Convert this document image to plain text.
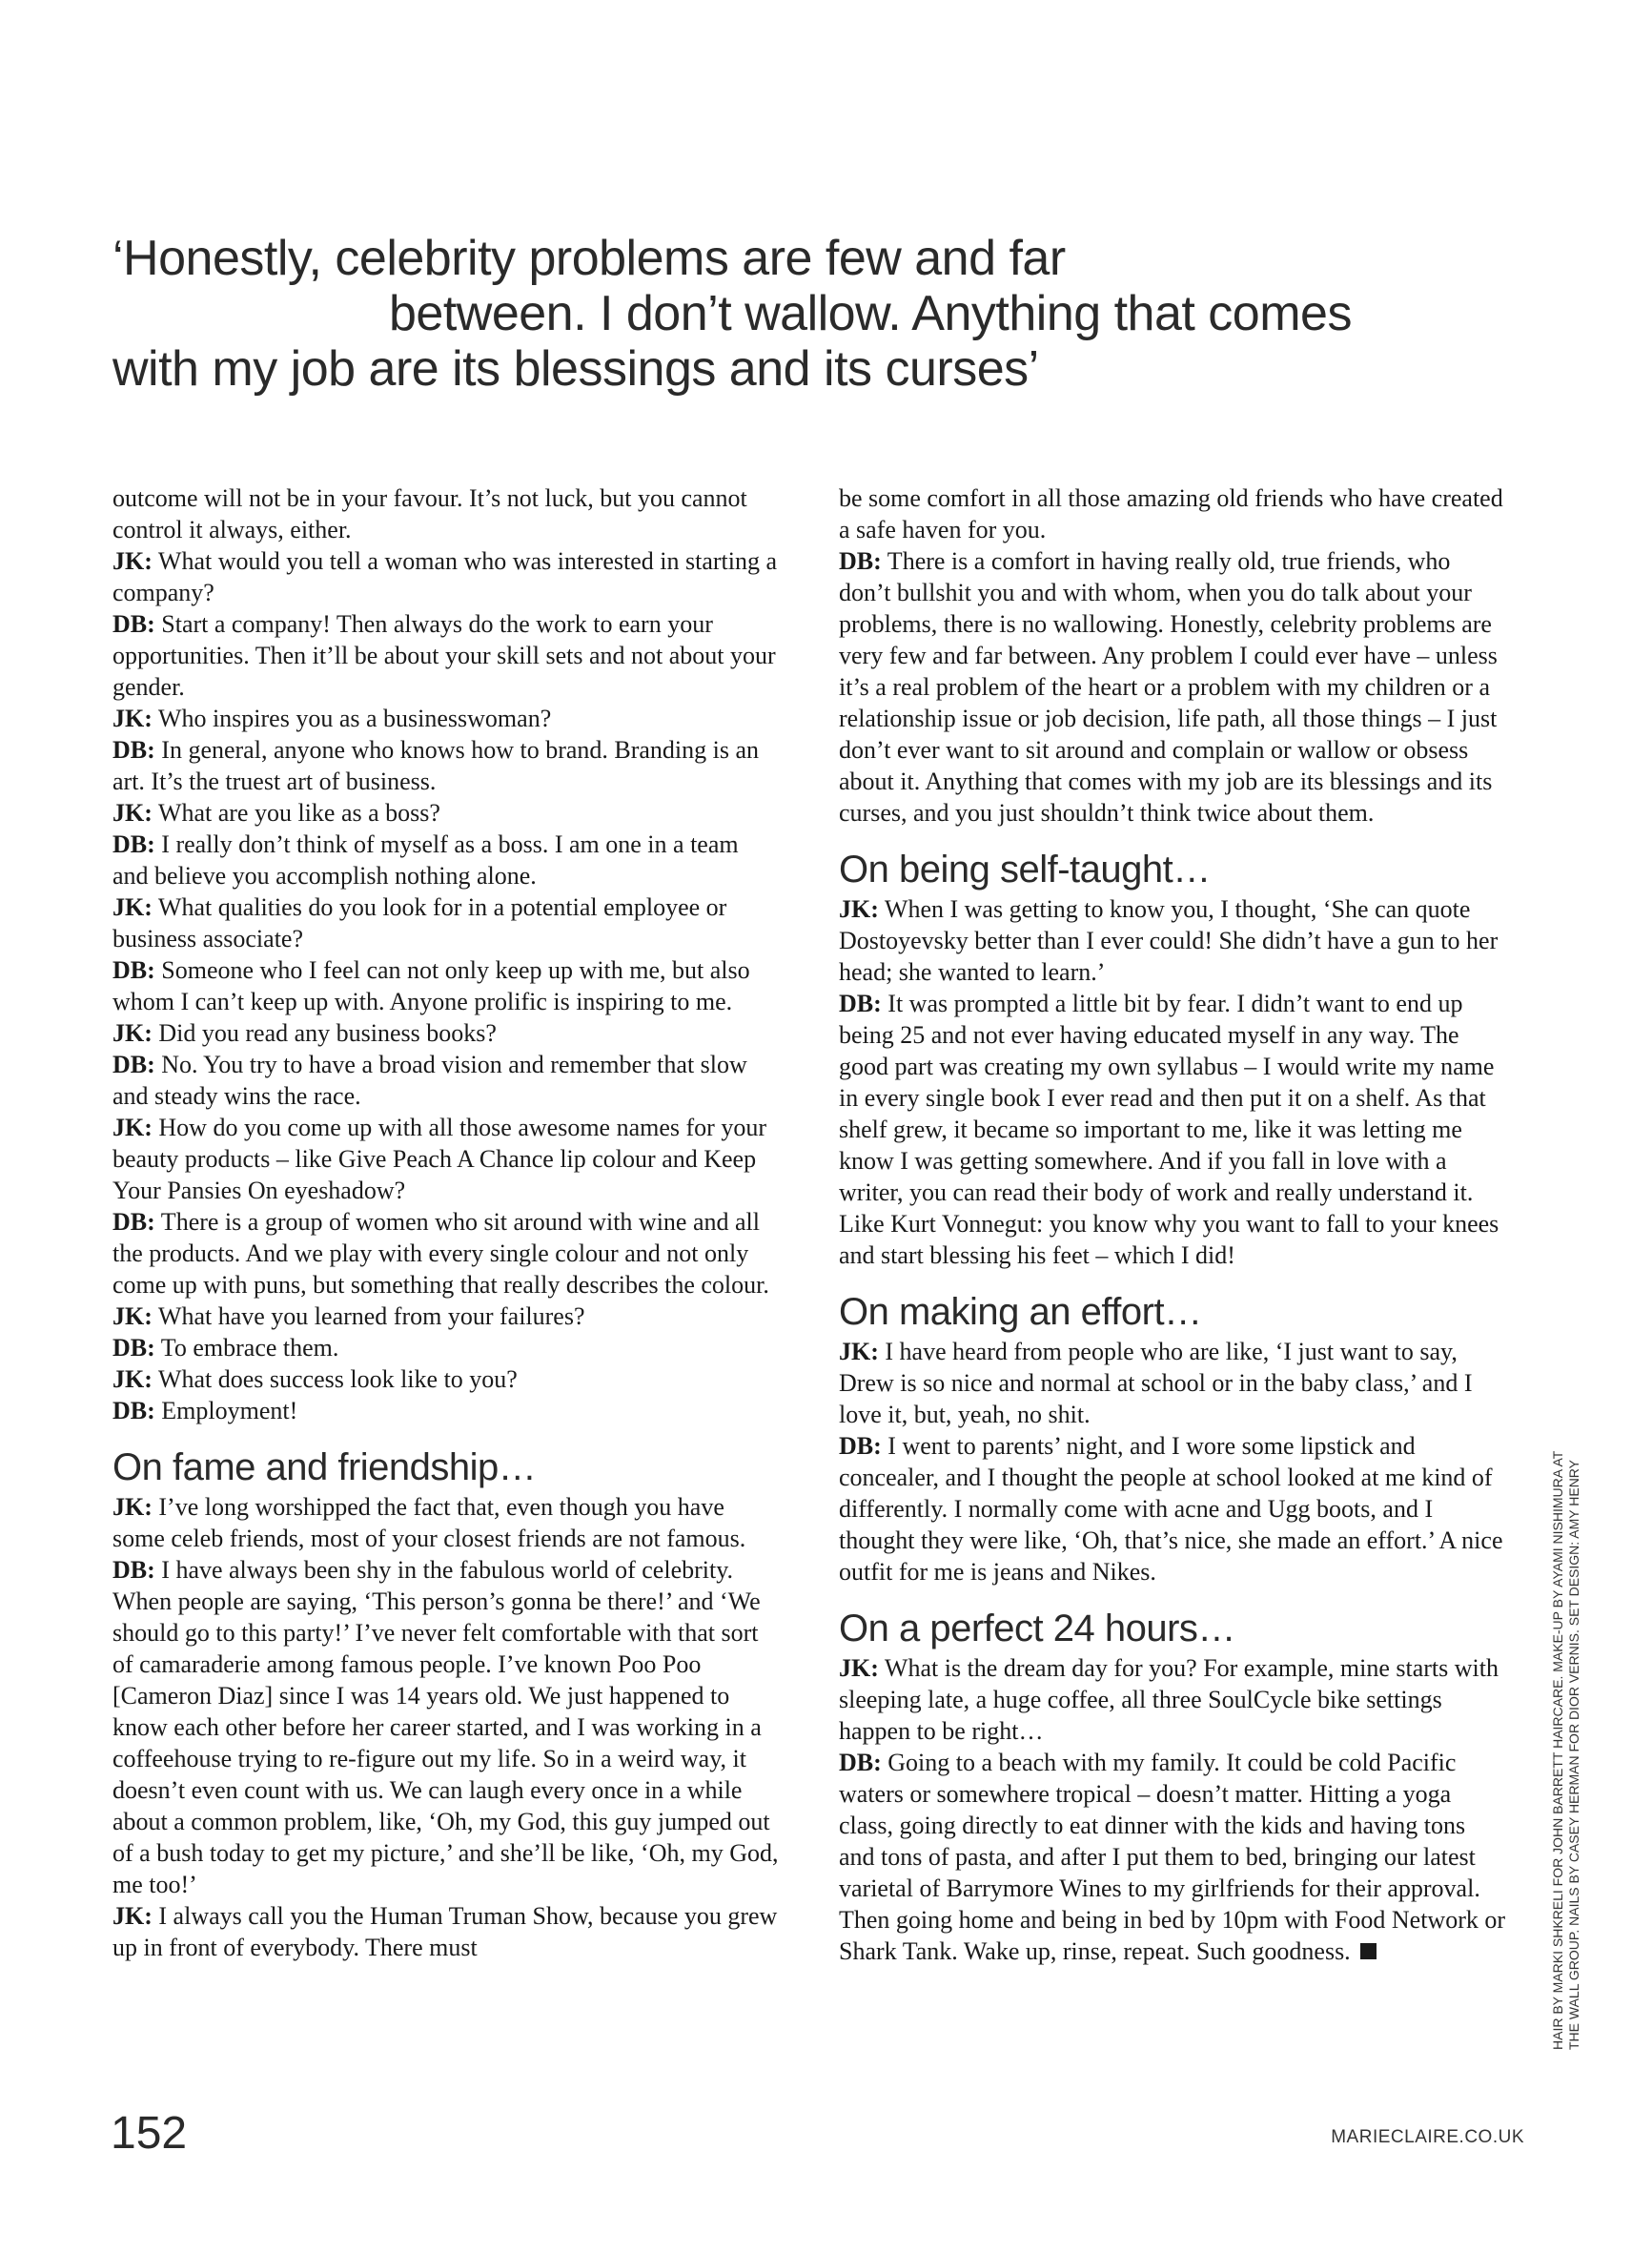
‘Honestly, celebrity problems are few and far
between. I don’t wallow. Anything that comes
with my job are its blessings and its curses’

outcome will not be in your favour. It’s not luck, but you cannot control it always, either.

JK: What would you tell a woman who was interested in starting a company?

DB: Start a company! Then always do the work to earn your opportunities. Then it’ll be about your skill sets and not about your gender.

JK: Who inspires you as a businesswoman?

DB: In general, anyone who knows how to brand. Branding is an art. It’s the truest art of business.

JK: What are you like as a boss?

DB: I really don’t think of myself as a boss. I am one in a team and believe you accomplish nothing alone.

JK: What qualities do you look for in a potential employee or business associate?

DB: Someone who I feel can not only keep up with me, but also whom I can’t keep up with. Anyone prolific is inspiring to me.

JK: Did you read any business books?

DB: No. You try to have a broad vision and remember that slow and steady wins the race.

JK: How do you come up with all those awesome names for your beauty products – like Give Peach A Chance lip colour and Keep Your Pansies On eyeshadow?

DB: There is a group of women who sit around with wine and all the products. And we play with every single colour and not only come up with puns, but something that really describes the colour.

JK: What have you learned from your failures?

DB: To embrace them.

JK: What does success look like to you?

DB: Employment!

On fame and friendship…

JK: I’ve long worshipped the fact that, even though you have some celeb friends, most of your closest friends are not famous.

DB: I have always been shy in the fabulous world of celebrity. When people are saying, ‘This person’s gonna be there!’ and ‘We should go to this party!’ I’ve never felt comfortable with that sort of camaraderie among famous people. I’ve known Poo Poo [Cameron Diaz] since I was 14 years old. We just happened to know each other before her career started, and I was working in a coffeehouse trying to re-figure out my life. So in a weird way, it doesn’t even count with us. We can laugh every once in a while about a common problem, like, ‘Oh, my God, this guy jumped out of a bush today to get my picture,’ and she’ll be like, ‘Oh, my God, me too!’

JK: I always call you the Human Truman Show, because you grew up in front of everybody. There must

be some comfort in all those amazing old friends who have created a safe haven for you.

DB: There is a comfort in having really old, true friends, who don’t bullshit you and with whom, when you do talk about your problems, there is no wallowing. Honestly, celebrity problems are very few and far between. Any problem I could ever have – unless it’s a real problem of the heart or a problem with my children or a relationship issue or job decision, life path, all those things – I just don’t ever want to sit around and complain or wallow or obsess about it. Anything that comes with my job are its blessings and its curses, and you just shouldn’t think twice about them.

On being self-taught…

JK: When I was getting to know you, I thought, ‘She can quote Dostoyevsky better than I ever could! She didn’t have a gun to her head; she wanted to learn.’

DB: It was prompted a little bit by fear. I didn’t want to end up being 25 and not ever having educated myself in any way. The good part was creating my own syllabus – I would write my name in every single book I ever read and then put it on a shelf. As that shelf grew, it became so important to me, like it was letting me know I was getting somewhere. And if you fall in love with a writer, you can read their body of work and really understand it. Like Kurt Vonnegut: you know why you want to fall to your knees and start blessing his feet – which I did!

On making an effort…

JK: I have heard from people who are like, ‘I just want to say, Drew is so nice and normal at school or in the baby class,’ and I love it, but, yeah, no shit.

DB: I went to parents’ night, and I wore some lipstick and concealer, and I thought the people at school looked at me kind of differently. I normally come with acne and Ugg boots, and I thought they were like, ‘Oh, that’s nice, she made an effort.’ A nice outfit for me is jeans and Nikes.

On a perfect 24 hours…

JK: What is the dream day for you? For example, mine starts with sleeping late, a huge coffee, all three SoulCycle bike settings happen to be right…

DB: Going to a beach with my family. It could be cold Pacific waters or somewhere tropical – doesn’t matter. Hitting a yoga class, going directly to eat dinner with the kids and having tons and tons of pasta, and after I put them to bed, bringing our latest varietal of Barrymore Wines to my girlfriends for their approval. Then going home and being in bed by 10pm with Food Network or Shark Tank. Wake up, rinse, repeat. Such goodness.	HAIR BY MARKI SHKRELI FOR JOHN BARRETT HAIRCARE. MAKE-UP BY AYAMI NISHIMURA AT THE WALL GROUP. NAILS BY CASEY HERMAN FOR DIOR VERNIS. SET DESIGN: AMY HENRY
152	MARIECLAIRE.CO.UK
